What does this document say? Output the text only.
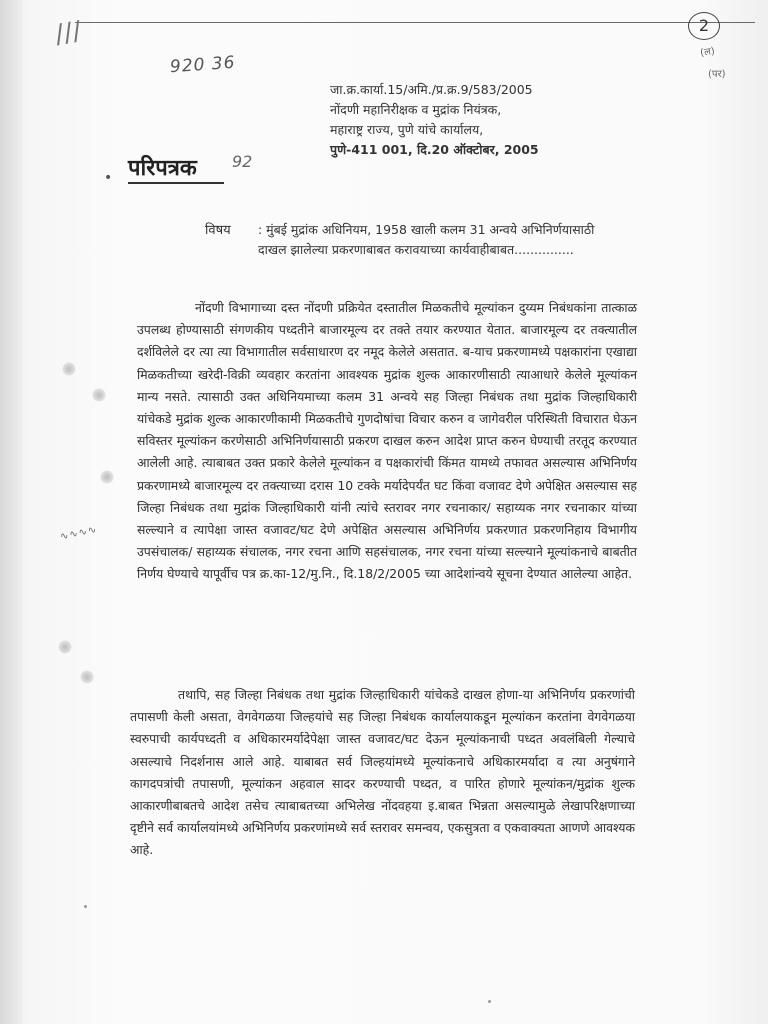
///
920 36
2
(ल)
(पर)
जा.क्र.कार्या.15/अमि./प्र.क्र.9/583/2005
नोंदणी महानिरीक्षक व मुद्रांक नियंत्रक,
महाराष्ट्र राज्य, पुणे यांचे कार्यालय,
पुणे-411 001, दि.20 ऑक्टोबर, 2005
• परिपत्रक 92
विषय : मुंबई मुद्रांक अधिनियम, 1958 खाली कलम 31 अन्वये अभिनिर्णयासाठी दाखल झालेल्या प्रकरणाबाबत करावयाच्या कार्यवाहीबाबत...............
नोंदणी विभागाच्या दस्त नोंदणी प्रक्रियेत दस्तातील मिळकतीचे मूल्यांकन दुय्यम निबंधकांना तात्काळ उपलब्ध होण्यासाठी संगणकीय पध्दतीने बाजारमूल्य दर तक्ते तयार करण्यात येतात. बाजारमूल्य दर तक्त्यातील दर्शविलेले दर त्या त्या विभागातील सर्वसाधारण दर नमूद केलेले असतात. ब-याच प्रकरणामध्ये पक्षकारांना एखाद्या मिळकतीच्या खरेदी-विक्री व्यवहार करतांना आवश्यक मुद्रांक शुल्क आकारणीसाठी त्याआधारे केलेले मूल्यांकन मान्य नसते. त्यासाठी उक्त अधिनियमाच्या कलम 31 अन्वये सह जिल्हा निबंधक तथा मुद्रांक जिल्हाधिकारी यांचेकडे मुद्रांक शुल्क आकारणीकामी मिळकतीचे गुणदोषांचा विचार करुन व जागेवरील परिस्थिती विचारात घेऊन सविस्तर मूल्यांकन करणेसाठी अभिनिर्णयासाठी प्रकरण दाखल करुन आदेश प्राप्त करुन घेण्याची तरतूद करण्यात आलेली आहे. त्याबाबत उक्त प्रकारे केलेले मूल्यांकन व पक्षकारांची किंमत यामध्ये तफावत असल्यास अभिनिर्णय प्रकरणामध्ये बाजारमूल्य दर तक्त्याच्या दरास 10 टक्के मर्यादेपर्यंत घट किंवा वजावट देणे अपेक्षित असल्यास सह जिल्हा निबंधक तथा मुद्रांक जिल्हाधिकारी यांनी त्यांचे स्तरावर नगर रचनाकार/ सहाय्यक नगर रचनाकार यांच्या सल्ल्याने व त्यापेक्षा जास्त वजावट/घट देणे अपेक्षित असल्यास अभिनिर्णय प्रकरणात प्रकरणनिहाय विभागीय उपसंचालक/ सहाय्यक संचालक, नगर रचना आणि सहसंचालक, नगर रचना यांच्या सल्ल्याने मूल्यांकनाचे बाबतीत निर्णय घेण्याचे यापूर्वीच पत्र क्र.का-12/मु.नि., दि.18/2/2005 च्या आदेशांन्वये सूचना देण्यात आलेल्या आहेत.
तथापि, सह जिल्हा निबंधक तथा मुद्रांक जिल्हाधिकारी यांचेकडे दाखल होणा-या अभिनिर्णय प्रकरणांची तपासणी केली असता, वेगवेगळया जिल्हयांचे सह जिल्हा निबंधक कार्यालयाकडून मूल्यांकन करतांना वेगवेगळया स्वरुपाची कार्यपध्दती व अधिकारमर्यादेपेक्षा जास्त वजावट/घट देऊन मूल्यांकनाची पध्दत अवलंबिली गेल्याचे असल्याचे निदर्शनास आले आहे. याबाबत सर्व जिल्हयांमध्ये मूल्यांकनाचे अधिकारमर्यादा व त्या अनुषंगाने कागदपत्रांची तपासणी, मूल्यांकन अहवाल सादर करण्याची पध्दत, व पारित होणारे मूल्यांकन/मुद्रांक शुल्क आकारणीबाबतचे आदेश तसेच त्याबाबतच्या अभिलेख नोंदवहया इ.बाबत भिन्नता असल्यामुळे लेखापरिक्षणाच्या दृष्टीने सर्व कार्यालयांमध्ये अभिनिर्णय प्रकरणांमध्ये सर्व स्तरावर समन्वय, एकसुत्रता व एकवाक्यता आणणे आवश्यक आहे.
∿∿∿∿
